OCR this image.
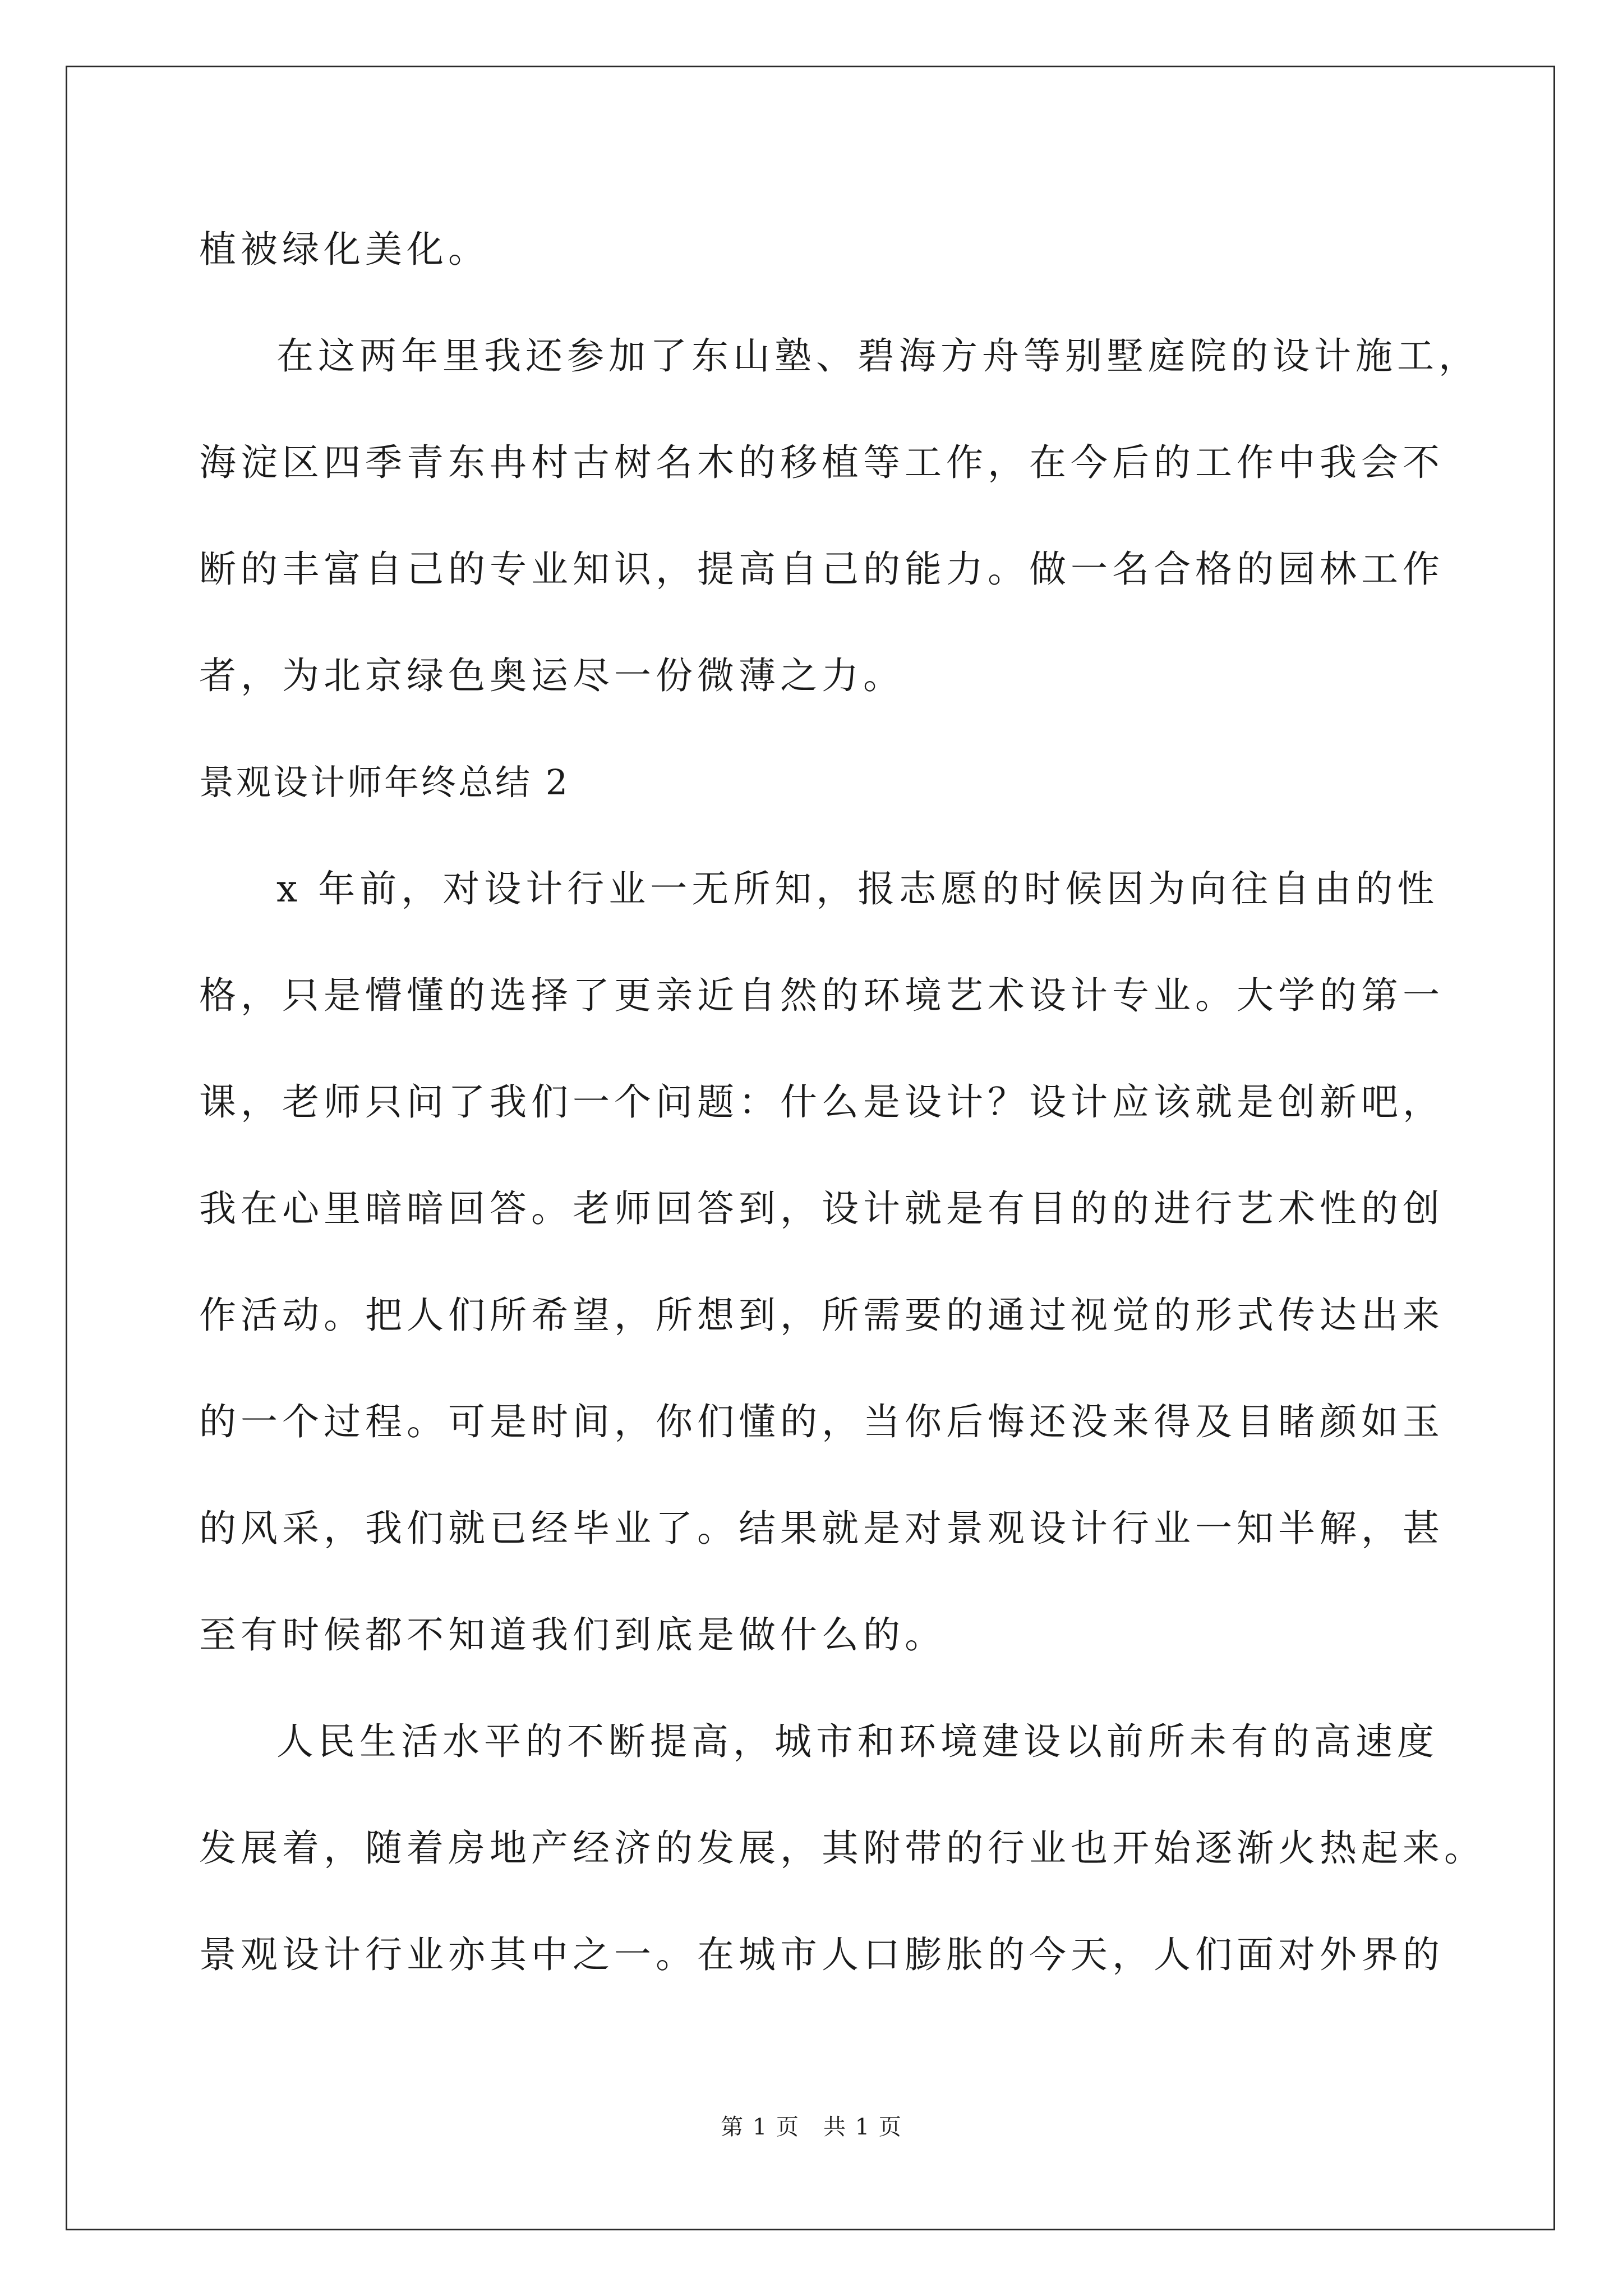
植被绿化美化。
在这两年里我还参加了东山塾、碧海方舟等别墅庭院的设计施工，
海淀区四季青东冉村古树名木的移植等工作，在今后的工作中我会不
断的丰富自己的专业知识，提高自己的能力。做一名合格的园林工作
者，为北京绿色奥运尽一份微薄之力。
景观设计师年终总结 2
x 年前，对设计行业一无所知，报志愿的时候因为向往自由的性
格，只是懵懂的选择了更亲近自然的环境艺术设计专业。大学的第一
课，老师只问了我们一个问题：什么是设计？设计应该就是创新吧，
我在心里暗暗回答。老师回答到，设计就是有目的的进行艺术性的创
作活动。把人们所希望，所想到，所需要的通过视觉的形式传达出来
的一个过程。可是时间，你们懂的，当你后悔还没来得及目睹颜如玉
的风采，我们就已经毕业了。结果就是对景观设计行业一知半解，甚
至有时候都不知道我们到底是做什么的。
人民生活水平的不断提高，城市和环境建设以前所未有的高速度
发展着，随着房地产经济的发展，其附带的行业也开始逐渐火热起来。
景观设计行业亦其中之一。在城市人口膨胀的今天，人们面对外界的
第 1 页　共 1 页
